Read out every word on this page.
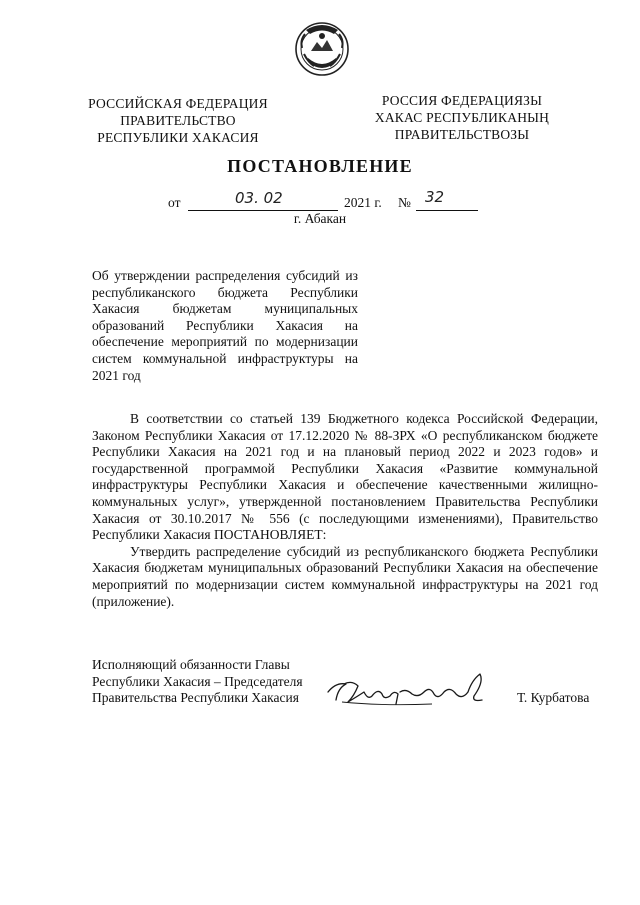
РОССИЙСКАЯ ФЕДЕРАЦИЯ
ПРАВИТЕЛЬСТВО
РЕСПУБЛИКИ ХАКАСИЯ
РОССИЯ ФЕДЕРАЦИЯЗЫ
ХАКАС РЕСПУБЛИКАНЫҢ
ПРАВИТЕЛЬСТВОЗЫ
ПОСТАНОВЛЕНИЕ
от	03. 02	2021 г. № 32
г. Абакан
Об утверждении распределения субсидий из республиканского бюджета Республики Хакасия бюджетам муниципальных образований Республики Хакасия на обеспечение мероприятий по модернизации систем коммунальной инфраструктуры на 2021 год

В соответствии со статьей 139 Бюджетного кодекса Российской Федерации, Законом Республики Хакасия от 17.12.2020 № 88-ЗРХ «О республиканском бюджете Республики Хакасия на 2021 год и на плановый период 2022 и 2023 годов» и государственной программой Республики Хакасия «Развитие коммунальной инфраструктуры Республики Хакасия и обеспечение качественными жилищно-коммунальных услуг», утвержденной постановлением Правительства Республики Хакасия от 30.10.2017 № 556 (с последующими изменениями), Правительство Республики Хакасия ПОСТАНОВЛЯЕТ:

Утвердить распределение субсидий из республиканского бюджета Республики Хакасия бюджетам муниципальных образований Республики Хакасия на обеспечение мероприятий по модернизации систем коммунальной инфраструктуры на 2021 год (приложение).

Исполняющий обязанности Главы
Республики Хакасия – Председателя
Правительства Республики Хакасия	Т. Курбатова
